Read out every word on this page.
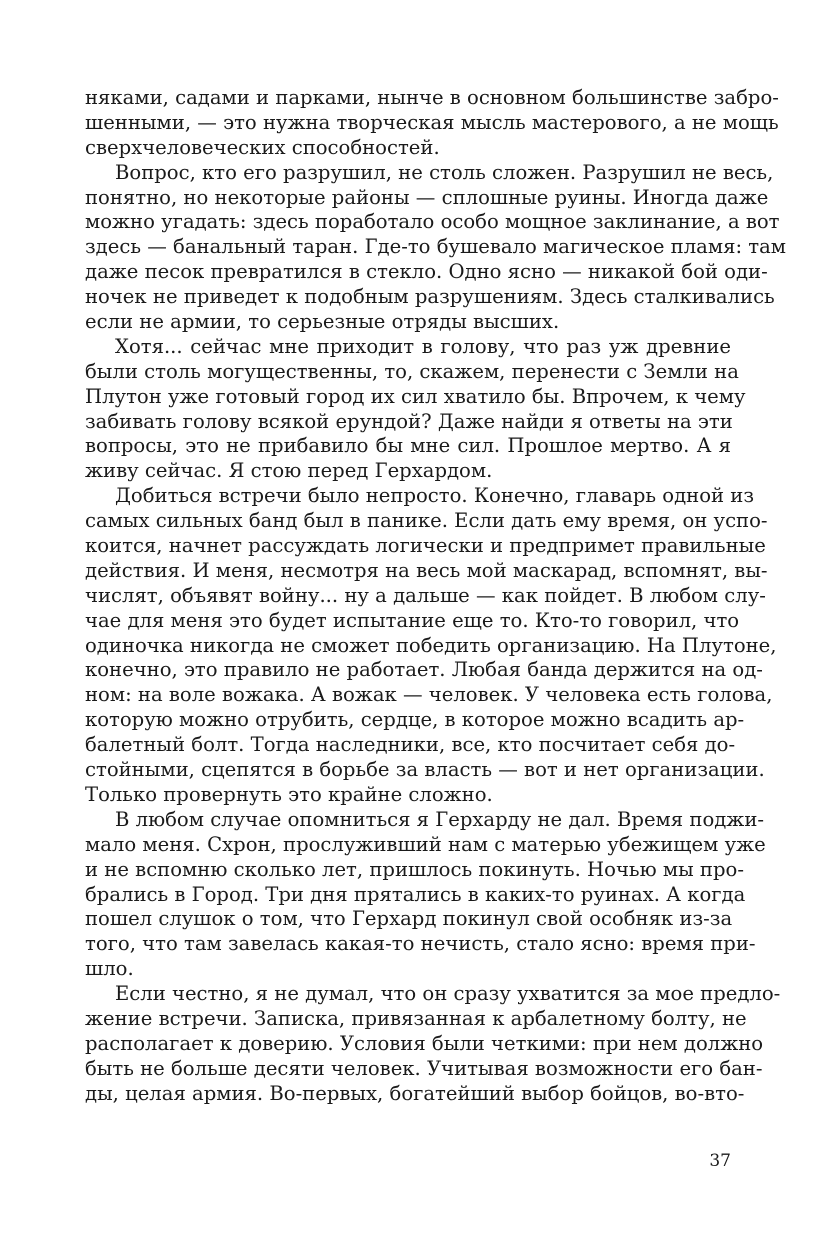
няками, садами и парками, нынче в основном большинстве забро-
шенными, — это нужна творческая мысль мастерового, а не мощь
сверхчеловеческих способностей.
Вопрос, кто его разрушил, не столь сложен. Разрушил не весь,
понятно, но некоторые районы — сплошные руины. Иногда даже
можно угадать: здесь поработало особо мощное заклинание, а вот
здесь — банальный таран. Где-то бушевало магическое пламя: там
даже песок превратился в стекло. Одно ясно — никакой бой оди-
ночек не приведет к подобным разрушениям. Здесь сталкивались
если не армии, то серьезные отряды высших.
Хотя... сейчас мне приходит в голову, что раз уж древние
были столь могущественны, то, скажем, перенести с Земли на
Плутон уже готовый город их сил хватило бы. Впрочем, к чему
забивать голову всякой ерундой? Даже найди я ответы на эти
вопросы, это не прибавило бы мне сил. Прошлое мертво. А я
живу сейчас. Я стою перед Герхардом.
Добиться встречи было непросто. Конечно, главарь одной из
самых сильных банд был в панике. Если дать ему время, он успо-
коится, начнет рассуждать логически и предпримет правильные
действия. И меня, несмотря на весь мой маскарад, вспомнят, вы-
числят, объявят войну... ну а дальше — как пойдет. В любом слу-
чае для меня это будет испытание еще то. Кто-то говорил, что
одиночка никогда не сможет победить организацию. На Плутоне,
конечно, это правило не работает. Любая банда держится на од-
ном: на воле вожака. А вожак — человек. У человека есть голова,
которую можно отрубить, сердце, в которое можно всадить ар-
балетный болт. Тогда наследники, все, кто посчитает себя до-
стойными, сцепятся в борьбе за власть — вот и нет организации.
Только провернуть это крайне сложно.
В любом случае опомниться я Герхарду не дал. Время поджи-
мало меня. Схрон, прослуживший нам с матерью убежищем уже
и не вспомню сколько лет, пришлось покинуть. Ночью мы про-
брались в Город. Три дня прятались в каких-то руинах. А когда
пошел слушок о том, что Герхард покинул свой особняк из-за
того, что там завелась какая-то нечисть, стало ясно: время при-
шло.
Если честно, я не думал, что он сразу ухватится за мое предло-
жение встречи. Записка, привязанная к арбалетному болту, не
располагает к доверию. Условия были четкими: при нем должно
быть не больше десяти человек. Учитывая возможности его бан-
ды, целая армия. Во-первых, богатейший выбор бойцов, во-вто-
37
